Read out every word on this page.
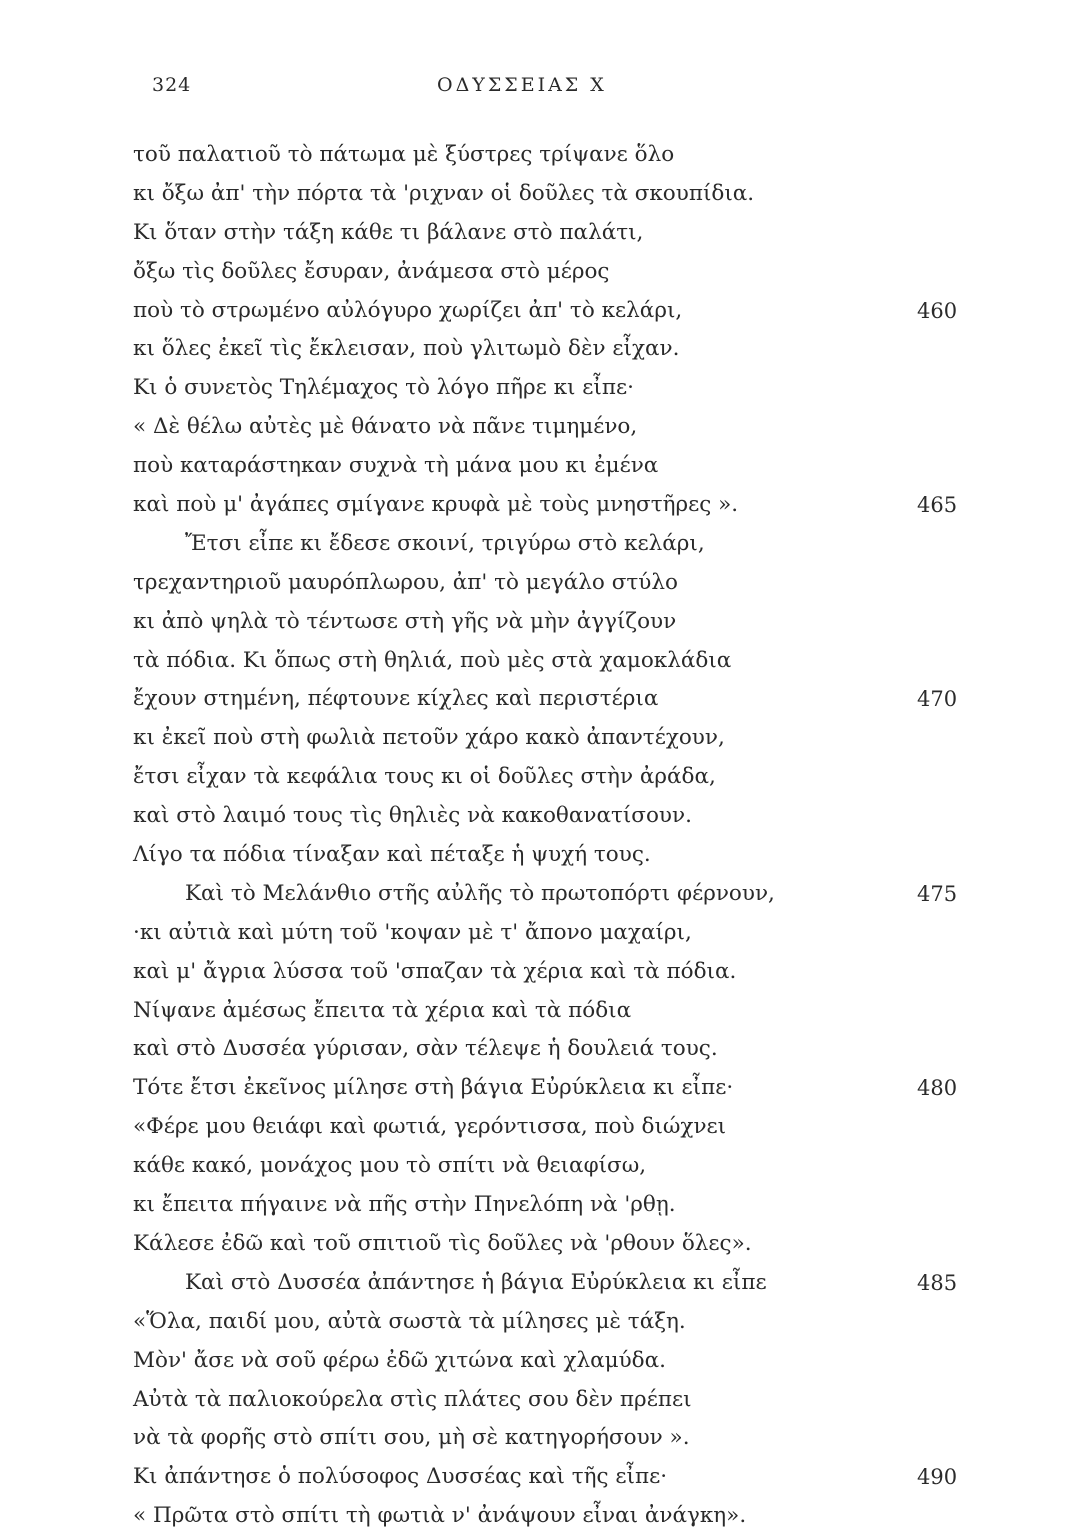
324	ΟΔΥΣΣΕΙΑΣ Χ
τοῦ παλατιοῦ τὸ πάτωμα μὲ ξύστρες τρίψανε ὅλο
κι ὄξω ἀπ' τὴν πόρτα τὰ 'ριχναν οἱ δοῦλες τὰ σκουπίδια.
Κι ὅταν στὴν τάξη κάθε τι βάλανε στὸ παλάτι,
ὄξω τὶς δοῦλες ἔσυραν, ἀνάμεσα στὸ μέρος
ποὺ τὸ στρωμένο αὐλόγυρο χωρίζει ἀπ' τὸ κελάρι,	460
κι ὅλες ἐκεῖ τὶς ἔκλεισαν, ποὺ γλιτωμὸ δὲν εἶχαν.
Κι ὁ συνετὸς Τηλέμαχος τὸ λόγο πῆρε κι εἶπε·
« Δὲ θέλω αὐτὲς μὲ θάνατο νὰ πᾶνε τιμημένο,
ποὺ καταράστηκαν συχνὰ τὴ μάνα μου κι ἐμένα
καὶ ποὺ μ' ἀγάπες σμίγανε κρυφὰ μὲ τοὺς μνηστῆρες ».	465
Ἔτσι εἶπε κι ἔδεσε σκοινί, τριγύρω στὸ κελάρι,
τρεχαντηριοῦ μαυρόπλωρου, ἀπ' τὸ μεγάλο στύλο
κι ἀπὸ ψηλὰ τὸ τέντωσε στὴ γῆς νὰ μὴν ἀγγίζουν
τὰ πόδια. Κι ὅπως στὴ θηλιά, ποὺ μὲς στὰ χαμοκλάδια
ἔχουν στημένη, πέφτουνε κίχλες καὶ περιστέρια	470
κι ἐκεῖ ποὺ στὴ φωλιὰ πετοῦν χάρο κακὸ ἀπαντέχουν,
ἔτσι εἶχαν τὰ κεφάλια τους κι οἱ δοῦλες στὴν ἀράδα,
καὶ στὸ λαιμό τους τὶς θηλιὲς νὰ κακοθανατίσουν.
Λίγο τα πόδια τίναξαν καὶ πέταξε ἡ ψυχή τους.
Καὶ τὸ Μελάνθιο στῆς αὐλῆς τὸ πρωτοπόρτι φέρνουν,	475
·κι αὐτιὰ καὶ μύτη τοῦ 'κοψαν μὲ τ' ἄπονο μαχαίρι,
καὶ μ' ἄγρια λύσσα τοῦ 'σπαζαν τὰ χέρια καὶ τὰ πόδια.
Νίψανε ἀμέσως ἔπειτα τὰ χέρια καὶ τὰ πόδια
καὶ στὸ Δυσσέα γύρισαν, σὰν τέλεψε ἡ δουλειά τους.
Τότε ἔτσι ἐκεῖνος μίλησε στὴ βάγια Εὐρύκλεια κι εἶπε·	480
«Φέρε μου θειάφι καὶ φωτιά, γερόντισσα, ποὺ διώχνει
κάθε κακό, μονάχος μου τὸ σπίτι νὰ θειαφίσω,
κι ἔπειτα πήγαινε νὰ πῆς στὴν Πηνελόπη νὰ 'ρθῃ.
Κάλεσε ἐδῶ καὶ τοῦ σπιτιοῦ τὶς δοῦλες νὰ 'ρθουν ὅλες».
Καὶ στὸ Δυσσέα ἀπάντησε ἡ βάγια Εὐρύκλεια κι εἶπε	485
«Ὅλα, παιδί μου, αὐτὰ σωστὰ τὰ μίλησες μὲ τάξη.
Μὸν' ἄσε νὰ σοῦ φέρω ἐδῶ χιτώνα καὶ χλαμύδα.
Αὐτὰ τὰ παλιοκούρελα στὶς πλάτες σου δὲν πρέπει
νὰ τὰ φορῆς στὸ σπίτι σου, μὴ σὲ κατηγορήσουν ».
Κι ἀπάντησε ὁ πολύσοφος Δυσσέας καὶ τῆς εἶπε·	490
« Πρῶτα στὸ σπίτι τὴ φωτιὰ ν' ἀνάψουν εἶναι ἀνάγκη».
